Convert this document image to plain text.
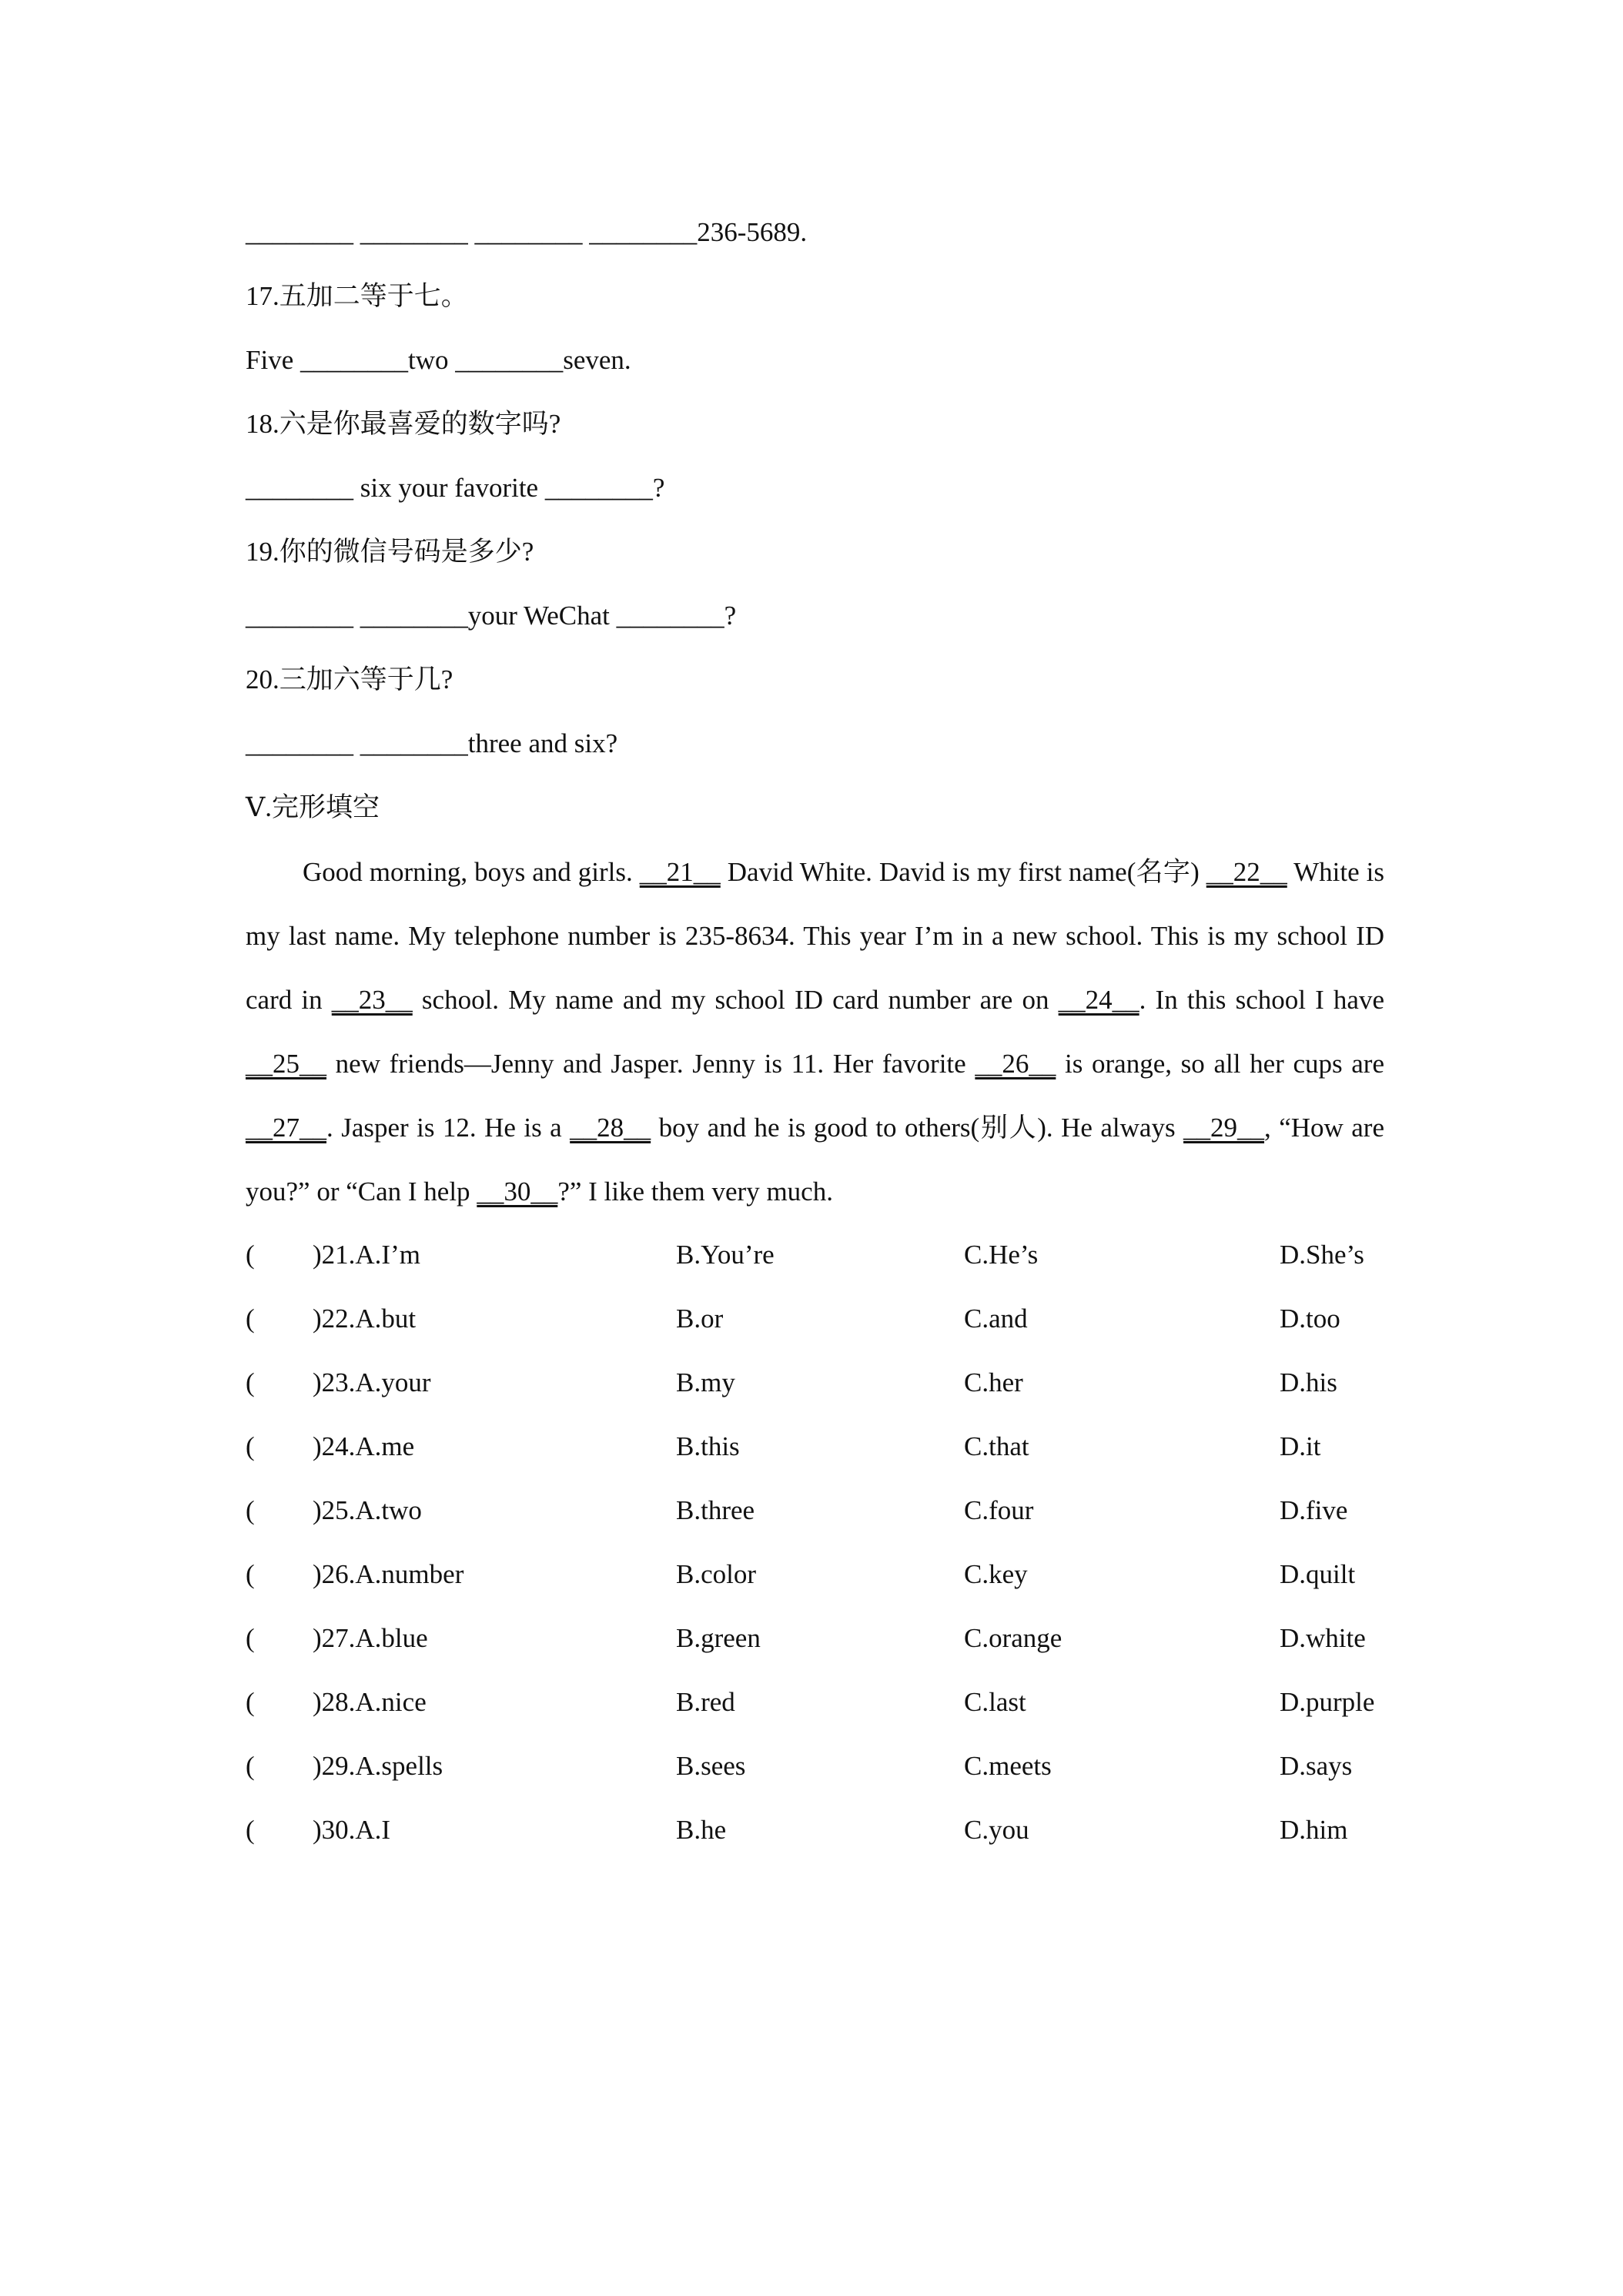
________ ________ ________ ________236-5689.
17.五加二等于七。
Five ________two ________seven.
18.六是你最喜爱的数字吗?
________ six your favorite ________?
19.你的微信号码是多少?
________ ________your WeChat ________?
20.三加六等于几?
________ ________three and six?
Ⅴ.完形填空
Good morning, boys and girls. __21__ David White. David is my first name(名字) __22__ White is my last name. My telephone number is 235-8634. This year I’m in a new school. This is my school ID card in __23__ school. My name and my school ID card number are on __24__. In this school I have __25__ new friends—Jenny and Jasper. Jenny is 11. Her favorite __26__ is orange, so all her cups are __27__. Jasper is 12. He is a __28__ boy and he is good to others(别人). He always __29__, “How are you?” or “Can I help __30__?” I like them very much.
( )21.A.I’m	B.You’re	C.He’s	D.She’s
( )22.A.but	B.or	C.and	D.too
( )23.A.your	B.my	C.her	D.his
( )24.A.me	B.this	C.that	D.it
( )25.A.two	B.three	C.four	D.five
( )26.A.number	B.color	C.key	D.quilt
( )27.A.blue	B.green	C.orange	D.white
( )28.A.nice	B.red	C.last	D.purple
( )29.A.spells	B.sees	C.meets	D.says
( )30.A.I	B.he	C.you	D.him
